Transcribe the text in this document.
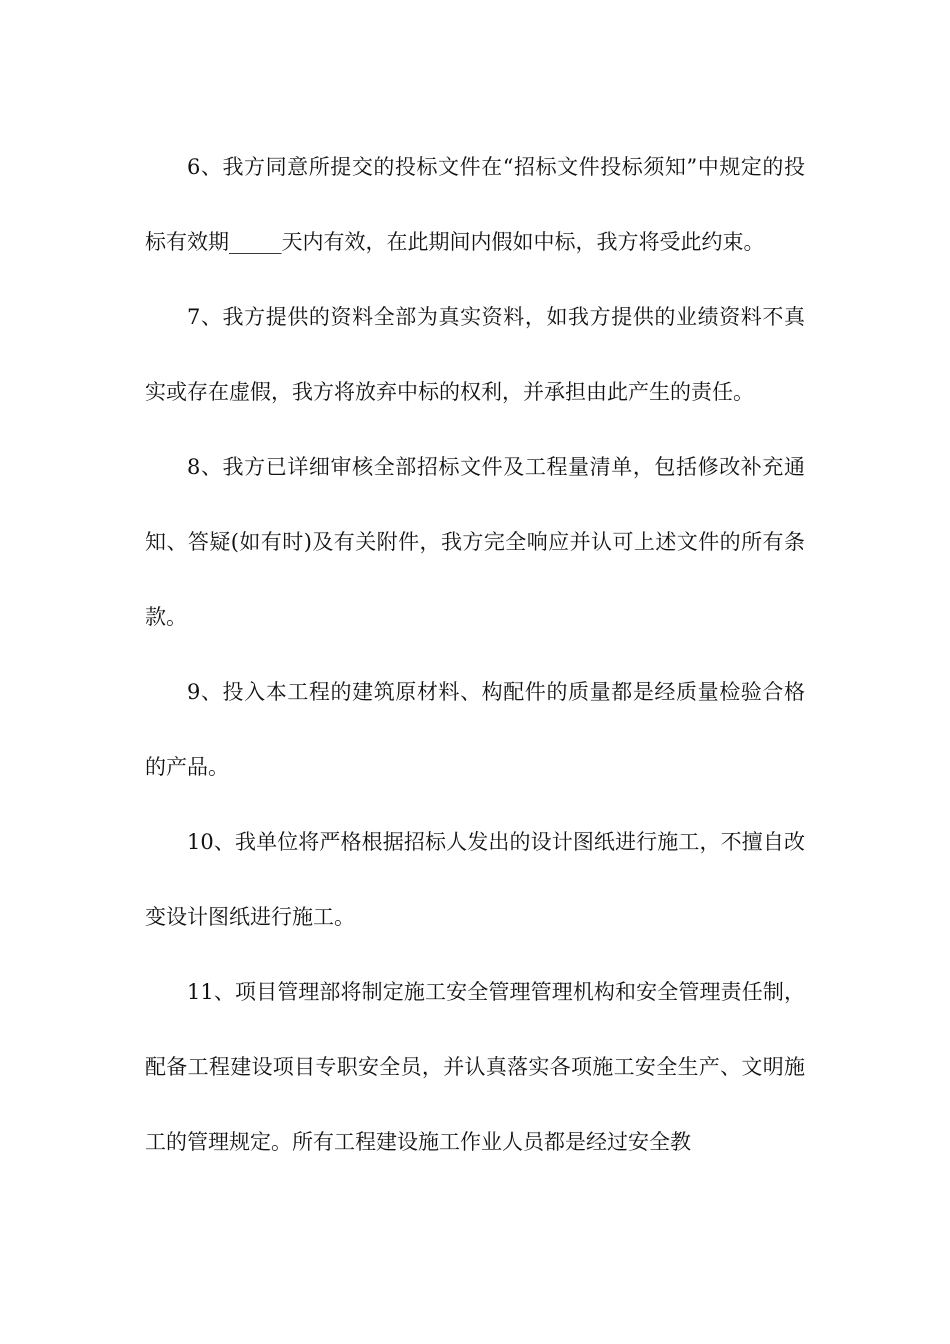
6、我方同意所提交的投标文件在“招标文件投标须知”中规定的投标有效期_____天内有效，在此期间内假如中标，我方将受此约束。

7、我方提供的资料全部为真实资料，如我方提供的业绩资料不真实或存在虚假，我方将放弃中标的权利，并承担由此产生的责任。

8、我方已详细审核全部招标文件及工程量清单，包括修改补充通知、答疑(如有时)及有关附件，我方完全响应并认可上述文件的所有条款。

9、投入本工程的建筑原材料、构配件的质量都是经质量检验合格的产品。

10、我单位将严格根据招标人发出的设计图纸进行施工，不擅自改变设计图纸进行施工。

11、项目管理部将制定施工安全管理管理机构和安全管理责任制，配备工程建设项目专职安全员，并认真落实各项施工安全生产、文明施工的管理规定。所有工程建设施工作业人员都是经过安全教
